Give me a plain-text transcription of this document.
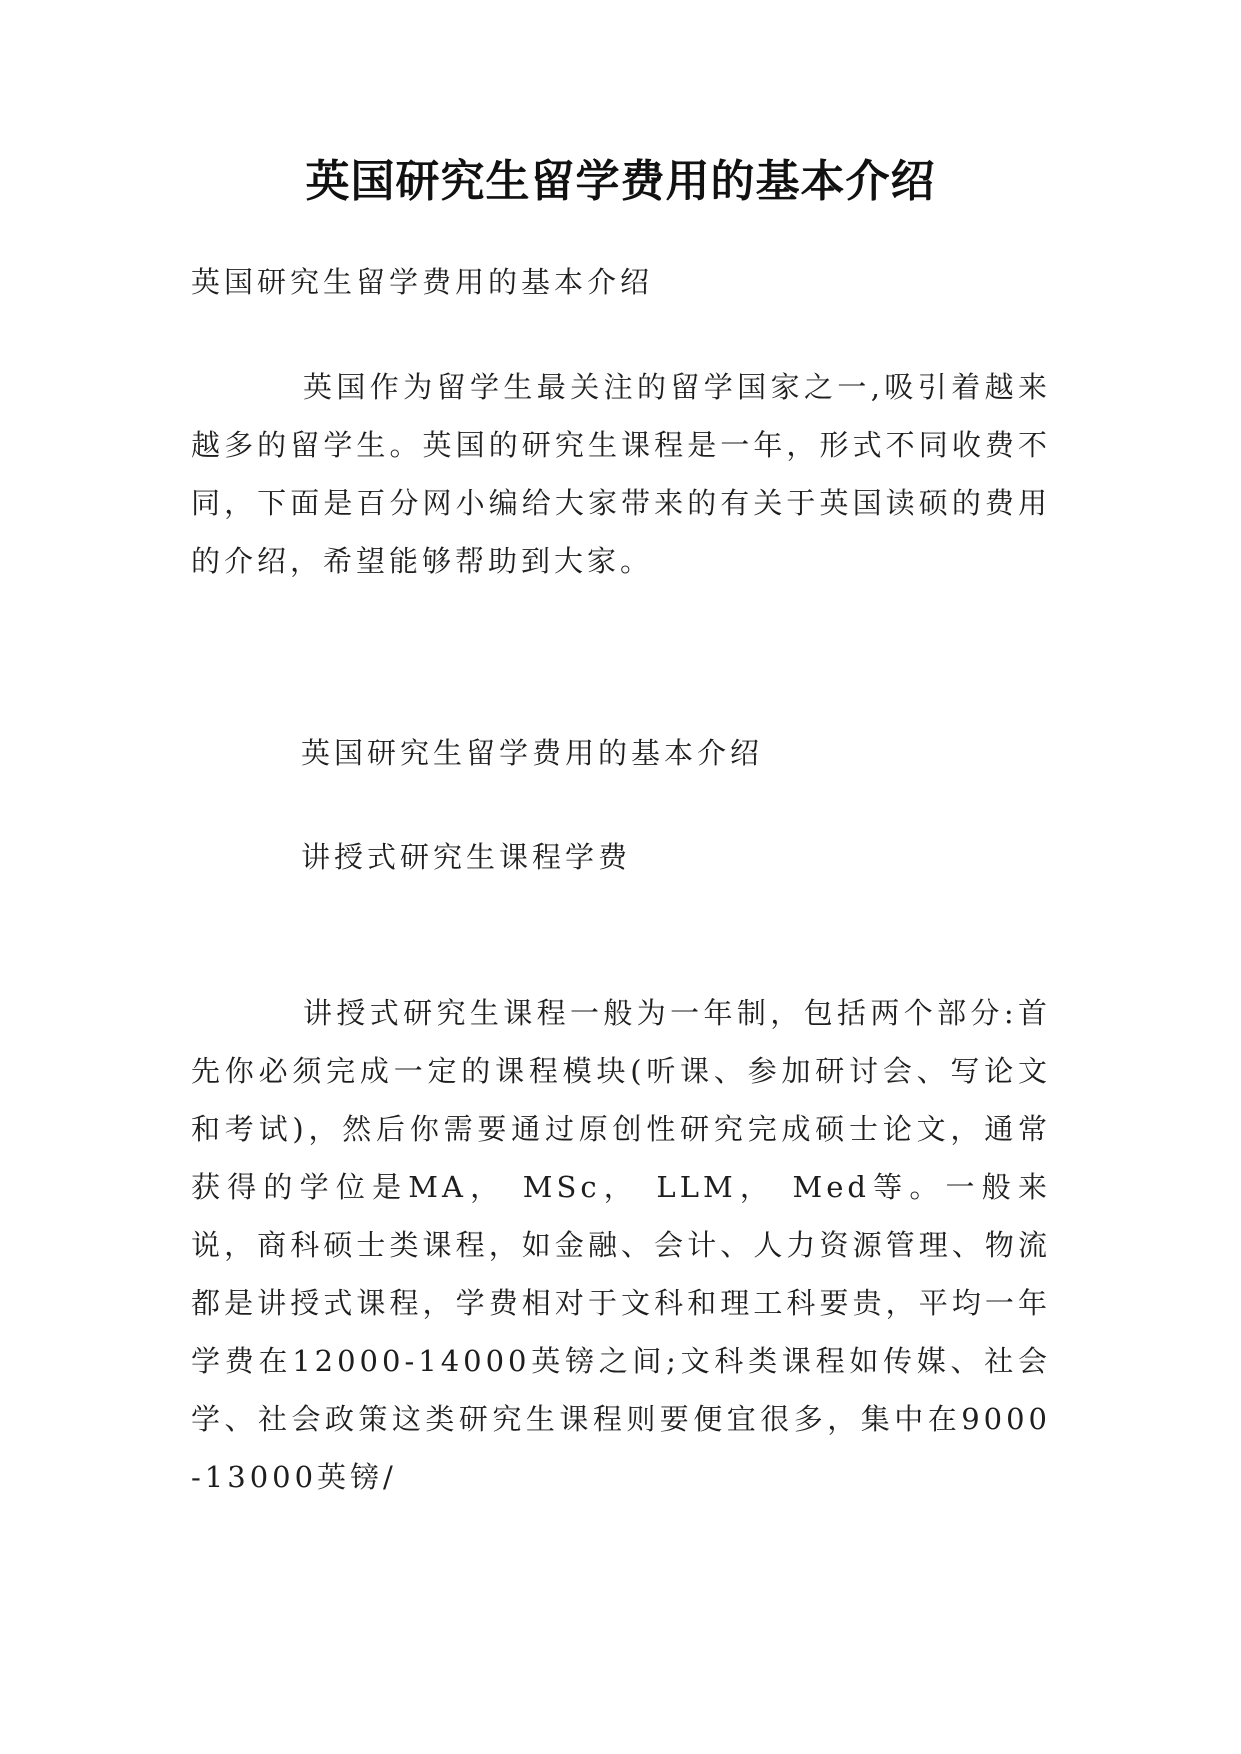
英国研究生留学费用的基本介绍
英国研究生留学费用的基本介绍
英国作为留学生最关注的留学国家之一,吸引着越来越多的留学生。英国的研究生课程是一年，形式不同收费不同，下面是百分网小编给大家带来的有关于英国读硕的费用的介绍，希望能够帮助到大家。
英国研究生留学费用的基本介绍
讲授式研究生课程学费
讲授式研究生课程一般为一年制，包括两个部分:首先你必须完成一定的课程模块(听课、参加研讨会、写论文和考试)，然后你需要通过原创性研究完成硕士论文，通常获得的学位是MA， MSc， LLM， Med等。一般来说，商科硕士类课程，如金融、会计、人力资源管理、物流都是讲授式课程，学费相对于文科和理工科要贵，平均一年学费在12000-14000英镑之间;文科类课程如传媒、社会学、社会政策这类研究生课程则要便宜很多，集中在9000-13000英镑/
